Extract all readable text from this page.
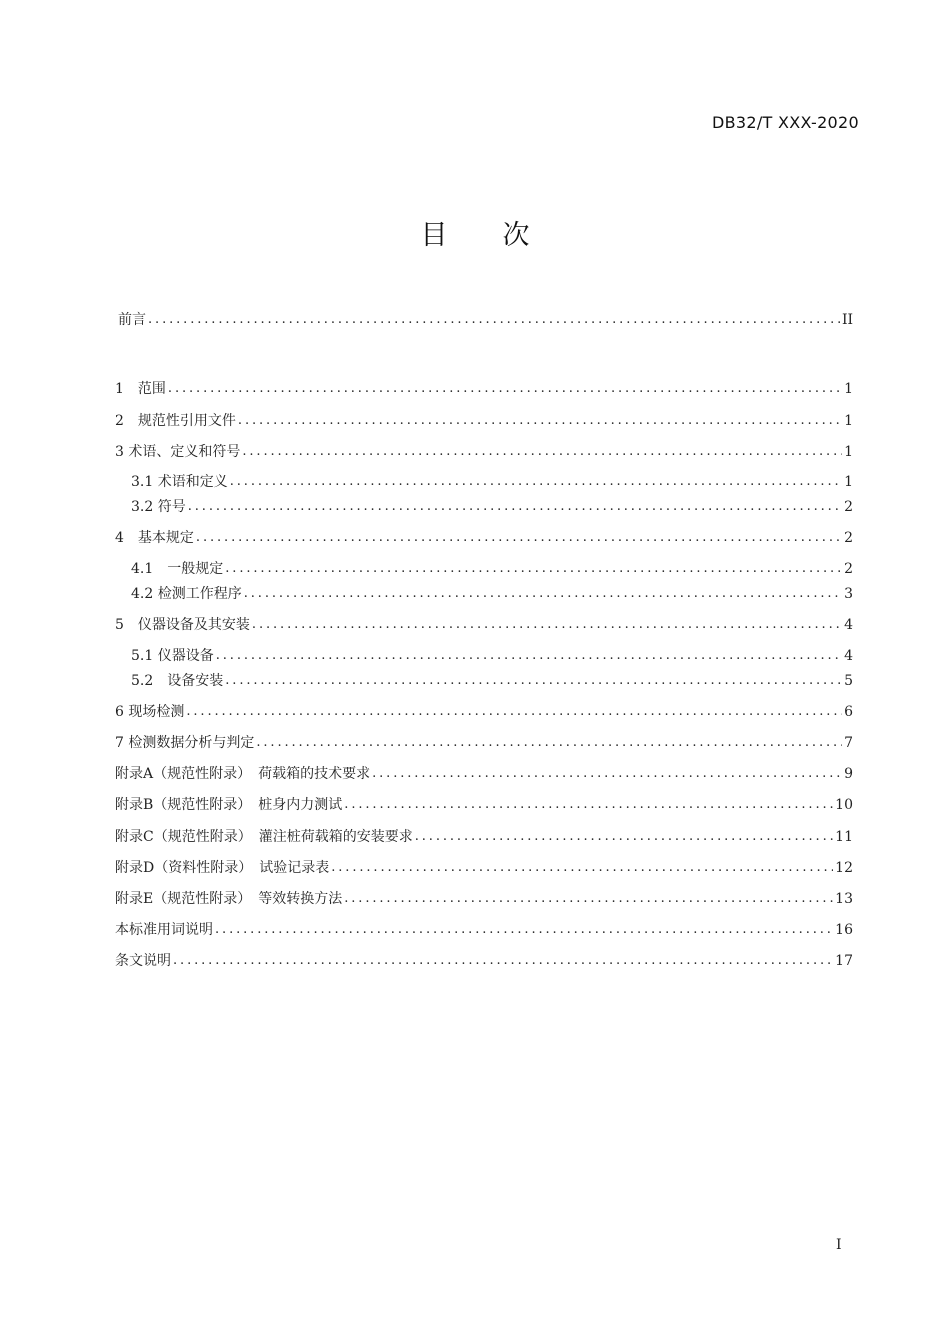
DB32/T XXX-2020
目 次
前言 .....	II
1　范围 .....	1
2　规范性引用文件 .....	1
3 术语、定义和符号 .....	1
3.1 术语和定义 .....	1
3.2 符号 .....	2
4　基本规定 .....	2
4.1　一般规定 .....	2
4.2 检测工作程序 .....	3
5　仪器设备及其安装 .....	4
5.1 仪器设备 .....	4
5.2　设备安装 .....	5
6 现场检测 .....	6
7 检测数据分析与判定 .....	7
附录A（规范性附录）　荷载箱的技术要求 .....	9
附录B（规范性附录）　桩身内力测试 .....	10
附录C（规范性附录）　灌注桩荷载箱的安装要求 .....	11
附录D（资料性附录）　试验记录表 .....	12
附录E（规范性附录）　等效转换方法 .....	13
本标准用词说明 .....	16
条文说明 .....	17
I
